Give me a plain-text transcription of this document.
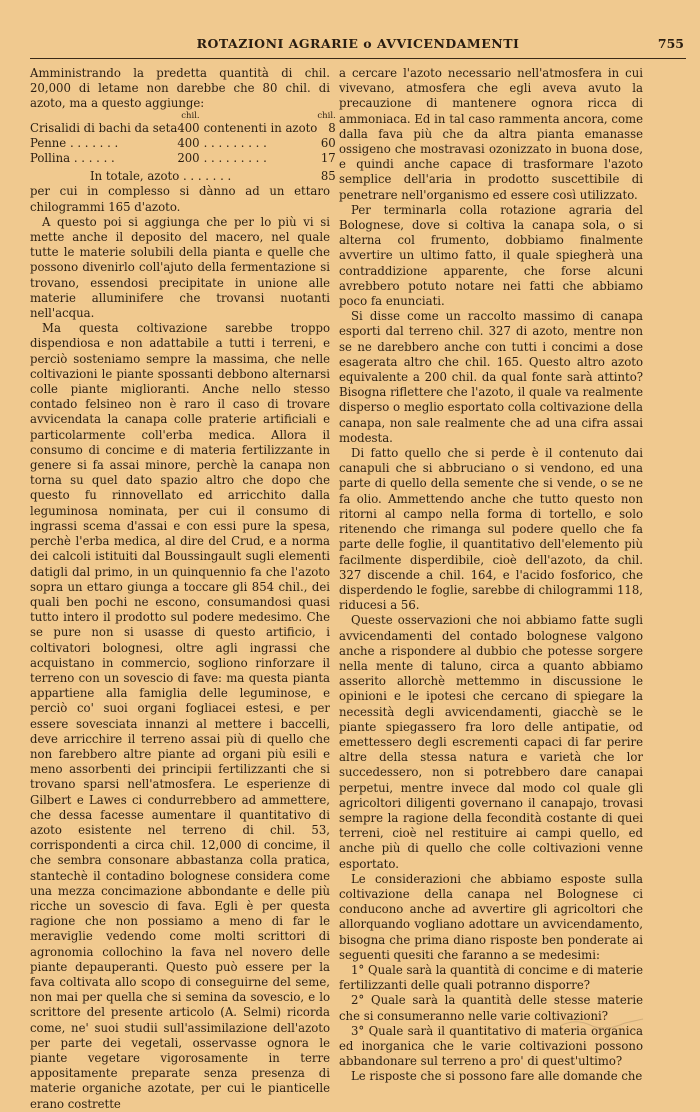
ROTAZIONI AGRARIE o AVVICENDAMENTI	755

Amministrando la predetta quantità di chil. 20,000 di letame non darebbe che 80 chil. di azoto, ma a questo aggiunge:

	chil.		chil.
Crisalidi di bachi da seta	400	contenenti in azoto	8
Penne . . . . . . .	400	. . . . . . . . .	60
Pollina . . . . . .	200	. . . . . . . . .	17
In totale, azoto . . . . . . .			85

per cui in complesso si dànno ad un ettaro chilogrammi 165 d'azoto.

A questo poi si aggiunga che per lo più vi si mette anche il deposito del macero, nel quale tutte le materie solubili della pianta e quelle che possono divenirlo coll'ajuto della fermentazione si trovano, essendosi precipitate in unione alle materie alluminifere che trovansi nuotanti nell'acqua.

Ma questa coltivazione sarebbe troppo dispendiosa e non adattabile a tutti i terreni, e perciò sosteniamo sempre la massima, che nelle coltivazioni le piante spossanti debbono alternarsi colle piante miglioranti. Anche nello stesso contado felsineo non è raro il caso di trovare avvicendata la canapa colle praterie artificiali e particolarmente coll'erba medica. Allora il consumo di concime e di materia fertilizzante in genere si fa assai minore, perchè la canapa non torna su quel dato spazio altro che dopo che questo fu rinnovellato ed arricchito dalla leguminosa nominata, per cui il consumo di ingrassi scema d'assai e con essi pure la spesa, perchè l'erba medica, al dire del Crud, e a norma dei calcoli istituiti dal Boussingault sugli elementi datigli dal primo, in un quinquennio fa che l'azoto sopra un ettaro giunga a toccare gli 854 chil., dei quali ben pochi ne escono, consumandosi quasi tutto intero il prodotto sul podere medesimo. Che se pure non si usasse di questo artificio, i coltivatori bolognesi, oltre agli ingrassi che acquistano in commercio, sogliono rinforzare il terreno con un sovescio di fave: ma questa pianta appartiene alla famiglia delle leguminose, e perciò co' suoi organi fogliacei estesi, e per essere sovesciata innanzi al mettere i baccelli, deve arricchire il terreno assai più di quello che non farebbero altre piante ad organi più esili e meno assorbenti dei principii fertilizzanti che si trovano sparsi nell'atmosfera. Le esperienze di Gilbert e Lawes ci condurrebbero ad ammettere, che dessa facesse aumentare il quantitativo di azoto esistente nel terreno di chil. 53, corrispondenti a circa chil. 12,000 di concime, il che sembra consonare abbastanza colla pratica, stantechè il contadino bolognese considera come una mezza concimazione abbondante e delle più ricche un sovescio di fava. Egli è per questa ragione che non possiamo a meno di far le meraviglie vedendo come molti scrittori di agronomia collochino la fava nel novero delle piante depauperanti. Questo può essere per la fava coltivata allo scopo di conseguirne del seme, non mai per quella che si semina da sovescio, e lo scrittore del presente articolo (A. Selmi) ricorda come, ne' suoi studii sull'assimilazione dell'azoto per parte dei vegetali, osservasse ognora le piante vegetare vigorosamente in terre appositamente preparate senza presenza di materie organiche azotate, per cui le pianticelle erano costrette

a cercare l'azoto necessario nell'atmosfera in cui vivevano, atmosfera che egli aveva avuto la precauzione di mantenere ognora ricca di ammoniaca. Ed in tal caso rammenta ancora, come dalla fava più che da altra pianta emanasse ossigeno che mostravasi ozonizzato in buona dose, e quindi anche capace di trasformare l'azoto semplice dell'aria in prodotto suscettibile di penetrare nell'organismo ed essere così utilizzato.

Per terminarla colla rotazione agraria del Bolognese, dove si coltiva la canapa sola, o si alterna col frumento, dobbiamo finalmente avvertire un ultimo fatto, il quale spiegherà una contraddizione apparente, che forse alcuni avrebbero potuto notare nei fatti che abbiamo poco fa enunciati.

Si disse come un raccolto massimo di canapa esporti dal terreno chil. 327 di azoto, mentre non se ne darebbero anche con tutti i concimi a dose esagerata altro che chil. 165. Questo altro azoto equivalente a 200 chil. da qual fonte sarà attinto? Bisogna riflettere che l'azoto, il quale va realmente disperso o meglio esportato colla coltivazione della canapa, non sale realmente che ad una cifra assai modesta.

Di fatto quello che si perde è il contenuto dai canapuli che si abbruciano o si vendono, ed una parte di quello della semente che si vende, o se ne fa olio. Ammettendo anche che tutto questo non ritorni al campo nella forma di tortello, e solo ritenendo che rimanga sul podere quello che fa parte delle foglie, il quantitativo dell'elemento più facilmente disperdibile, cioè dell'azoto, da chil. 327 discende a chil. 164, e l'acido fosforico, che disperdendo le foglie, sarebbe di chilogrammi 118, riducesi a 56.

Queste osservazioni che noi abbiamo fatte sugli avvicendamenti del contado bolognese valgono anche a rispondere al dubbio che potesse sorgere nella mente di taluno, circa a quanto abbiamo asserito allorchè mettemmo in discussione le opinioni e le ipotesi che cercano di spiegare la necessità degli avvicendamenti, giacchè se le piante spiegassero fra loro delle antipatie, od emettessero degli escrementi capaci di far perire altre della stessa natura e varietà che lor succedessero, non si potrebbero dare canapai perpetui, mentre invece dal modo col quale gli agricoltori diligenti governano il canapajo, trovasi sempre la ragione della fecondità costante di quei terreni, cioè nel restituire ai campi quello, ed anche più di quello che colle coltivazioni venne esportato.

Le considerazioni che abbiamo esposte sulla coltivazione della canapa nel Bolognese ci conducono anche ad avvertire gli agricoltori che allorquando vogliano adottare un avvicendamento, bisogna che prima diano risposte ben ponderate ai seguenti quesiti che faranno a se medesimi:

1° Quale sarà la quantità di concime e di materie fertilizzanti delle quali potranno disporre?

2° Quale sarà la quantità delle stesse materie che si consumeranno nelle varie coltivazioni?

3° Quale sarà il quantitativo di materia organica ed inorganica che le varie coltivazioni possono abbandonare sul terreno a pro' di quest'ultimo?

Le risposte che si possono fare alle domande che
